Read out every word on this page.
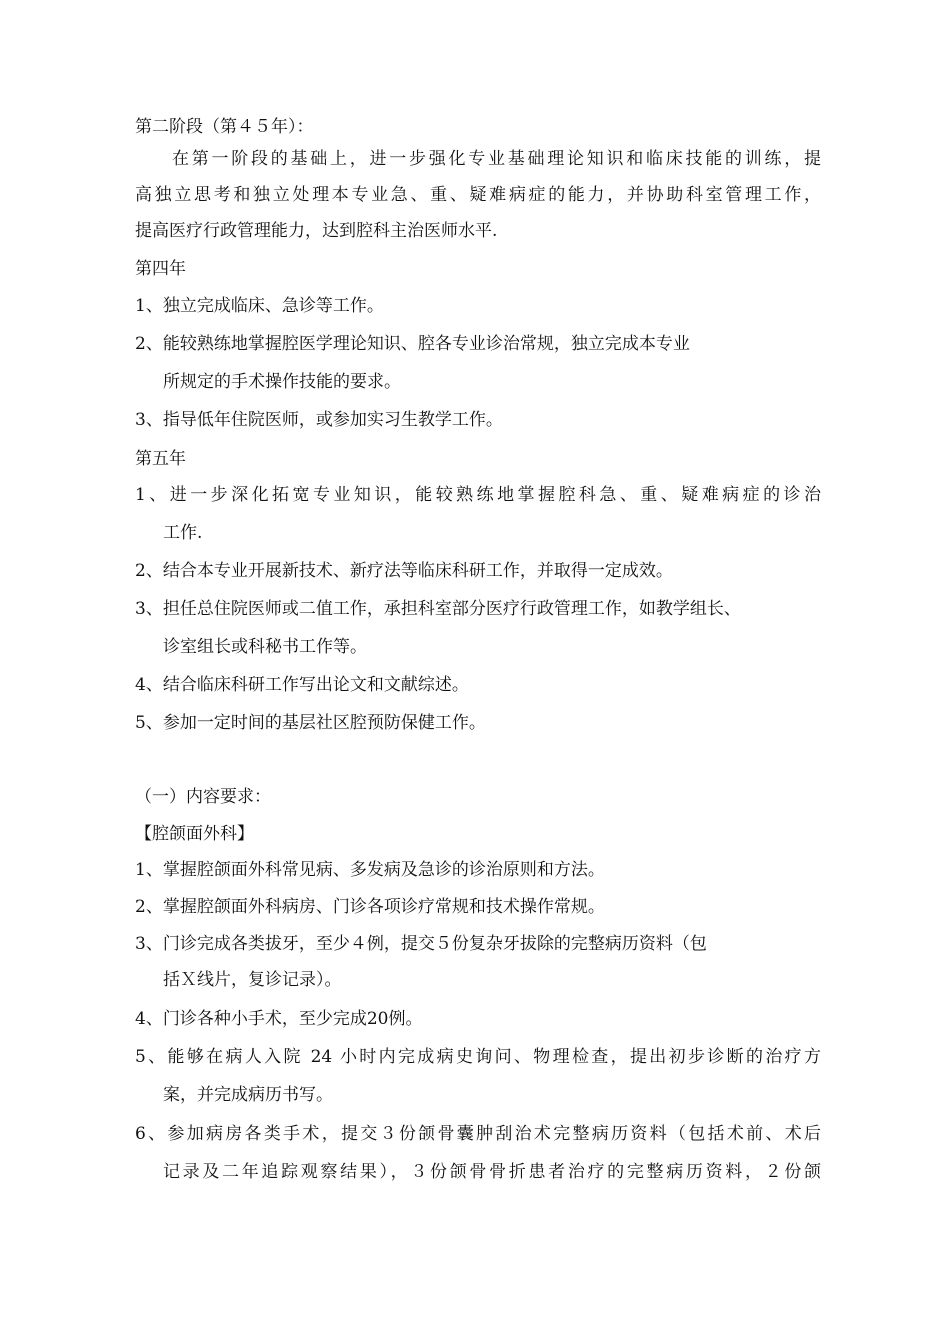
第二阶段（第４５年）：
在第一阶段的基础上，进一步强化专业基础理论知识和临床技能的训练，提
高独立思考和独立处理本专业急、重、疑难病症的能力，并协助科室管理工作，
提高医疗行政管理能力，达到腔科主治医师水平.
第四年
1、独立完成临床、急诊等工作。
2、能较熟练地掌握腔医学理论知识、腔各专业诊治常规，独立完成本专业
所规定的手术操作技能的要求。
3、指导低年住院医师，或参加实习生教学工作。
第五年
1、进一步深化拓宽专业知识，能较熟练地掌握腔科急、重、疑难病症的诊治
工作.
2、结合本专业开展新技术、新疗法等临床科研工作，并取得一定成效。
3、担任总住院医师或二值工作，承担科室部分医疗行政管理工作，如教学组长、
诊室组长或科秘书工作等。
4、结合临床科研工作写出论文和文献综述。
5、参加一定时间的基层社区腔预防保健工作。
（一）内容要求：
【腔颌面外科】
1、掌握腔颌面外科常见病、多发病及急诊的诊治原则和方法。
2、掌握腔颌面外科病房、门诊各项诊疗常规和技术操作常规。
3、门诊完成各类拔牙，至少４例，提交５份复杂牙拔除的完整病历资料（包
括Ｘ线片，复诊记录）。
4、门诊各种小手术，至少完成20例。
5、能够在病人入院 24 小时内完成病史询问、物理检查，提出初步诊断的治疗方
案，并完成病历书写。
6、参加病房各类手术，提交３份颌骨囊肿刮治术完整病历资料（包括术前、术后
记录及二年追踪观察结果），３份颌骨骨折患者治疗的完整病历资料，２份颌
